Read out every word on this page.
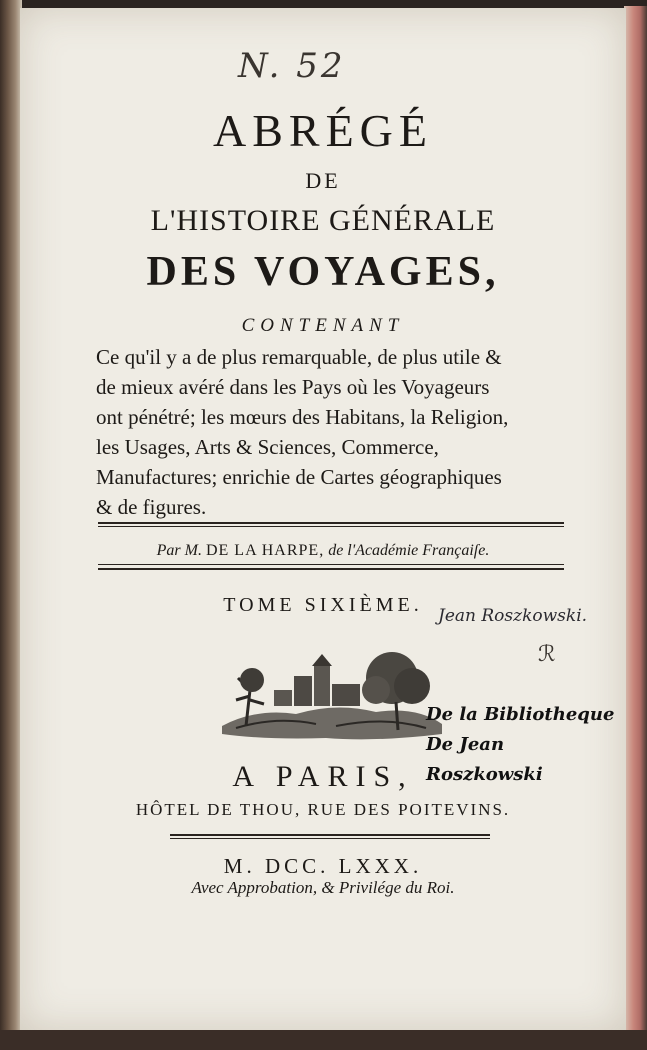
N. 52
ABRÉGÉ
DE
L'HISTOIRE GÉNÉRALE
DES VOYAGES,
CONTENANT
Ce qu'il y a de plus remarquable, de plus utile &
de mieux avéré dans les Pays où les Voyageurs
ont pénétré; les mœurs des Habitans, la Religion,
les Usages, Arts & Sciences, Commerce,
Manufactures; enrichie de Cartes géographiques
& de figures.
Par M. DE LA HARPE, de l'Académie Françaiſe.
TOME SIXIÈME. Jean Roszkowski.
ℛ
De la Bibliotheque
De Jean Roszkowski
A PARIS,
HÔTEL DE THOU, RUE DES POITEVINS.
M. DCC. LXXX.
Avec Approbation, & Privilége du Roi.
